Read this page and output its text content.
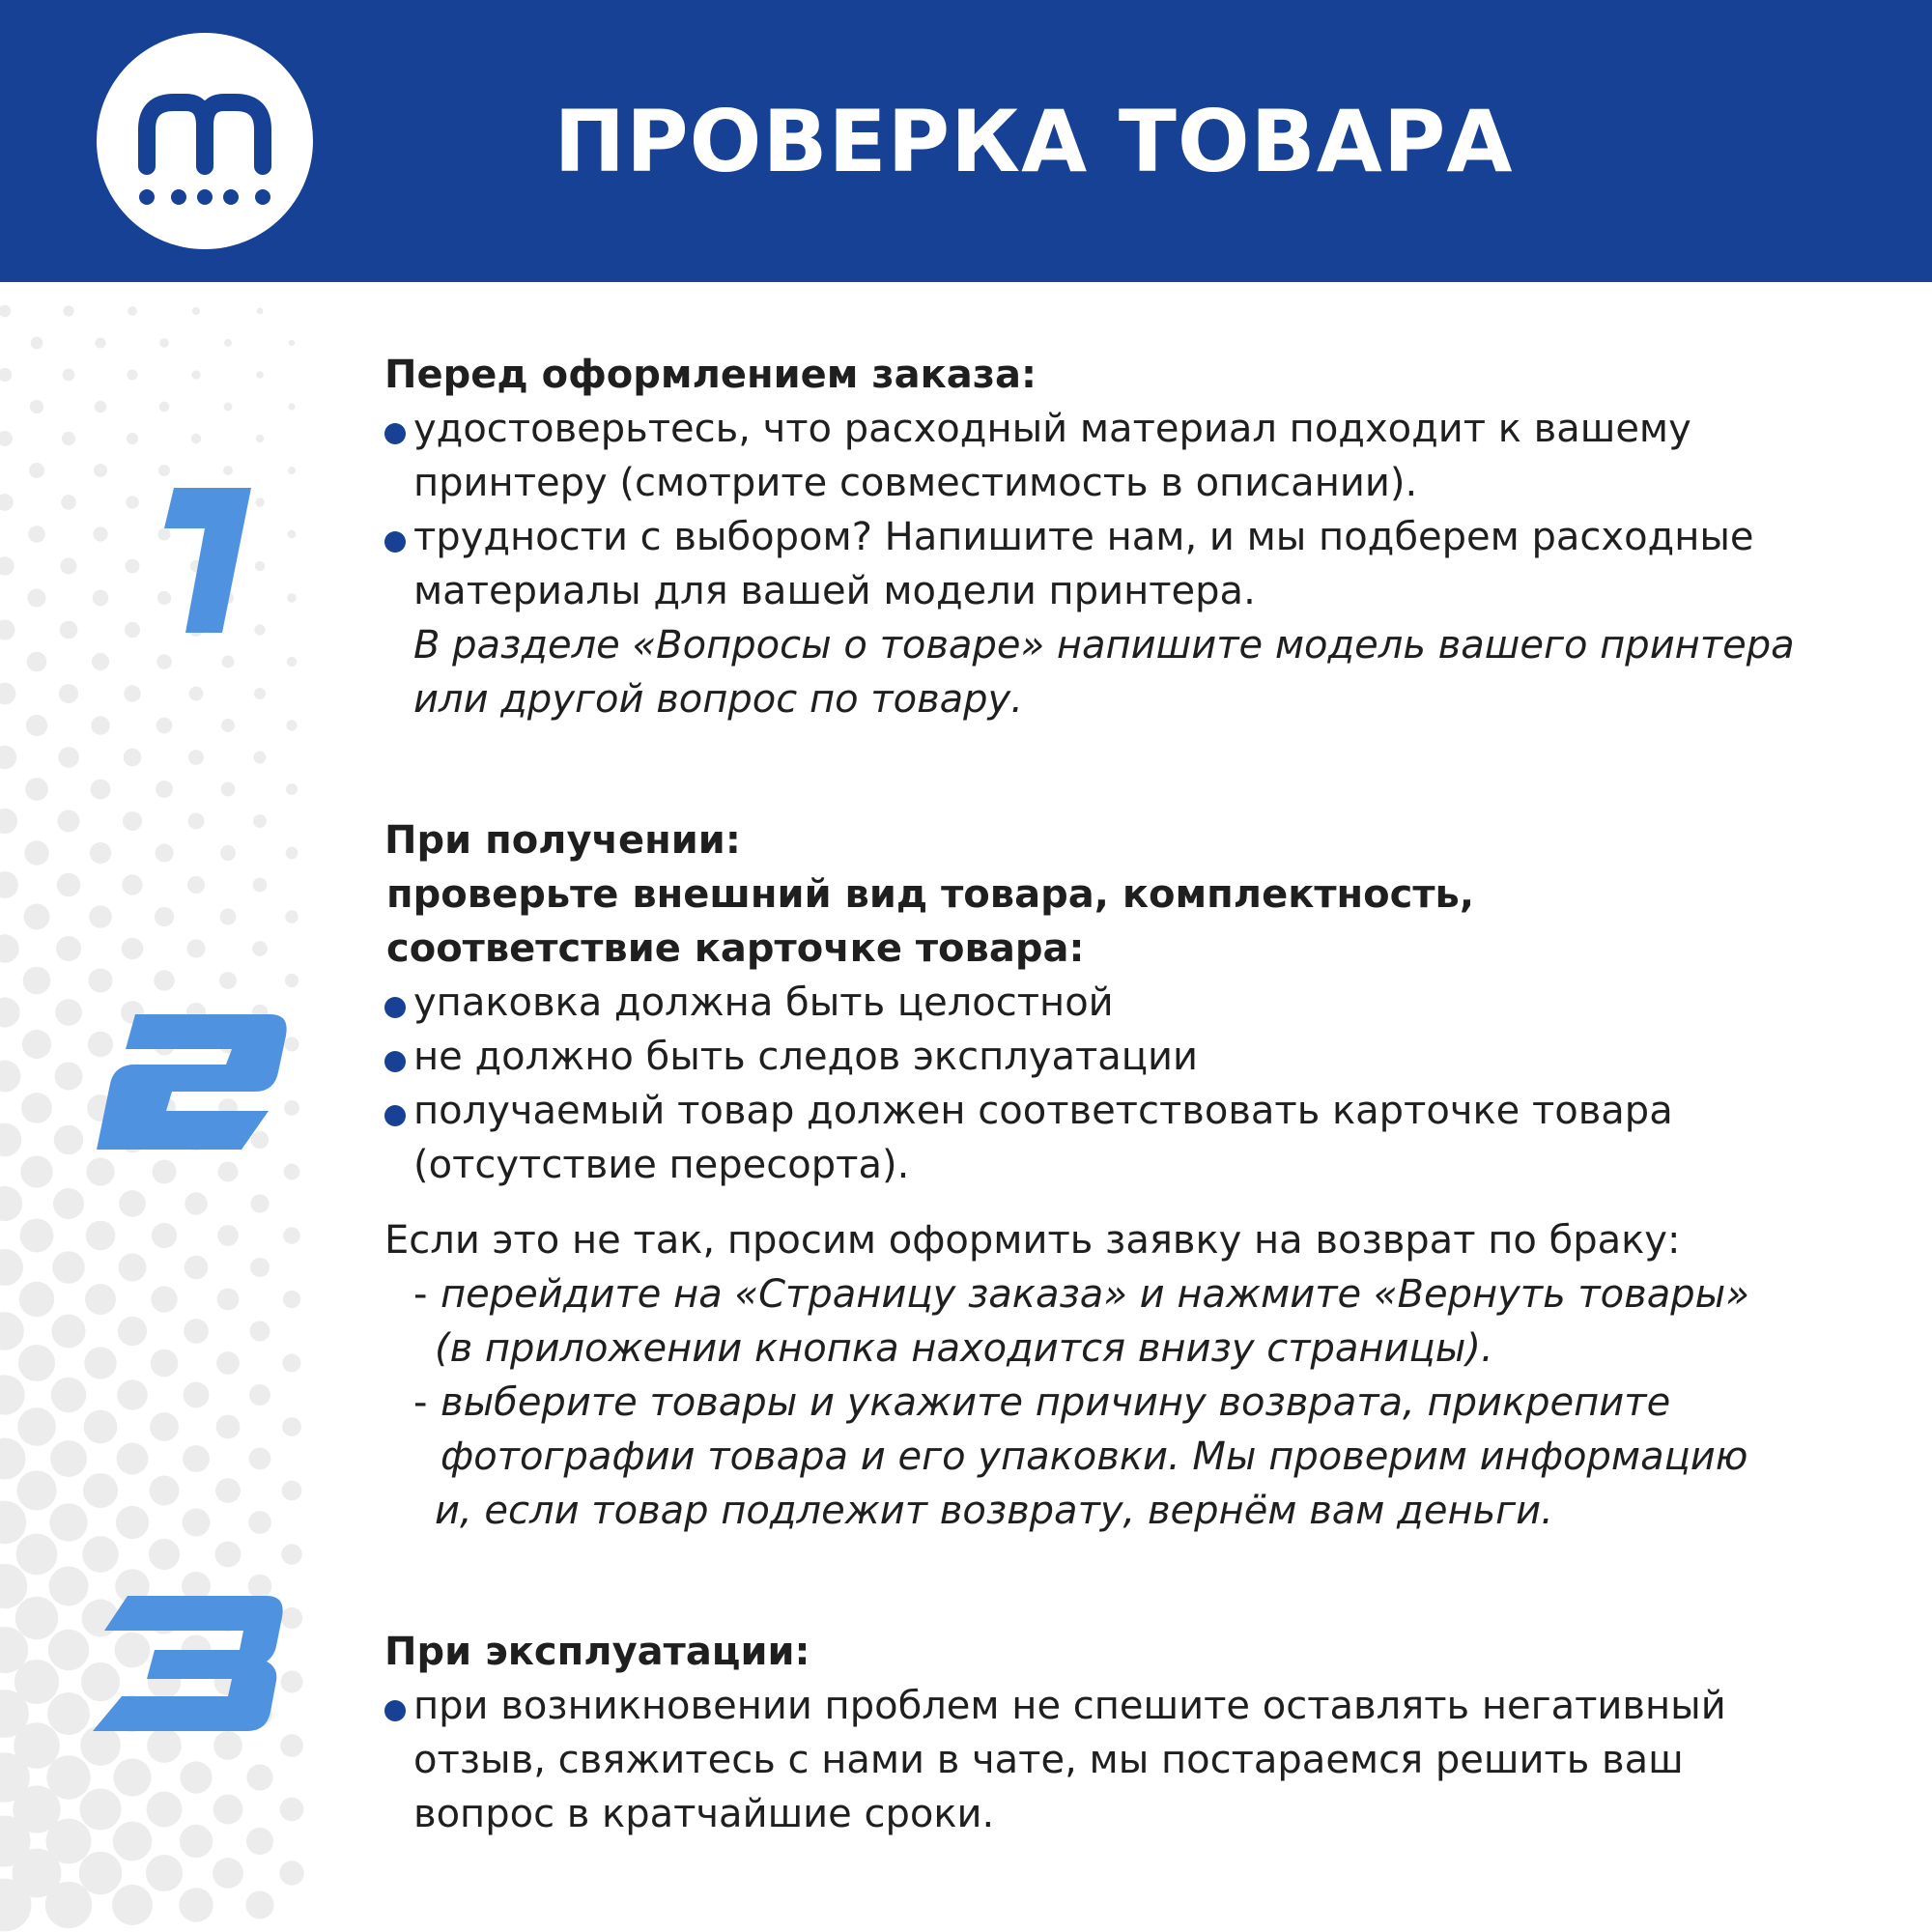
ПРОВЕРКА ТОВАРА
Перед оформлением заказа:
удостоверьтесь, что расходный материал подходит к вашему
принтеру (смотрите совместимость в описании).
трудности с выбором? Напишите нам, и мы подберем расходные
материалы для вашей модели принтера.
В разделе «Вопросы о товаре» напишите модель вашего принтера
или другой вопрос по товару.
При получении:
проверьте внешний вид товара, комплектность,
соответствие карточке товара:
упаковка должна быть целостной
не должно быть следов эксплуатации
получаемый товар должен соответствовать карточке товара
(отсутствие пересорта).
Если это не так, просим оформить заявку на возврат по браку:
- перейдите на «Страницу заказа» и нажмите «Вернуть товары»
(в приложении кнопка находится внизу страницы).
- выберите товары и укажите причину возврата, прикрепите
фотографии товара и его упаковки. Мы проверим информацию
и, если товар подлежит возврату, вернём вам деньги.
При эксплуатации:
при возникновении проблем не спешите оставлять негативный
отзыв, свяжитесь с нами в чате, мы постараемся решить ваш
вопрос в кратчайшие сроки.
